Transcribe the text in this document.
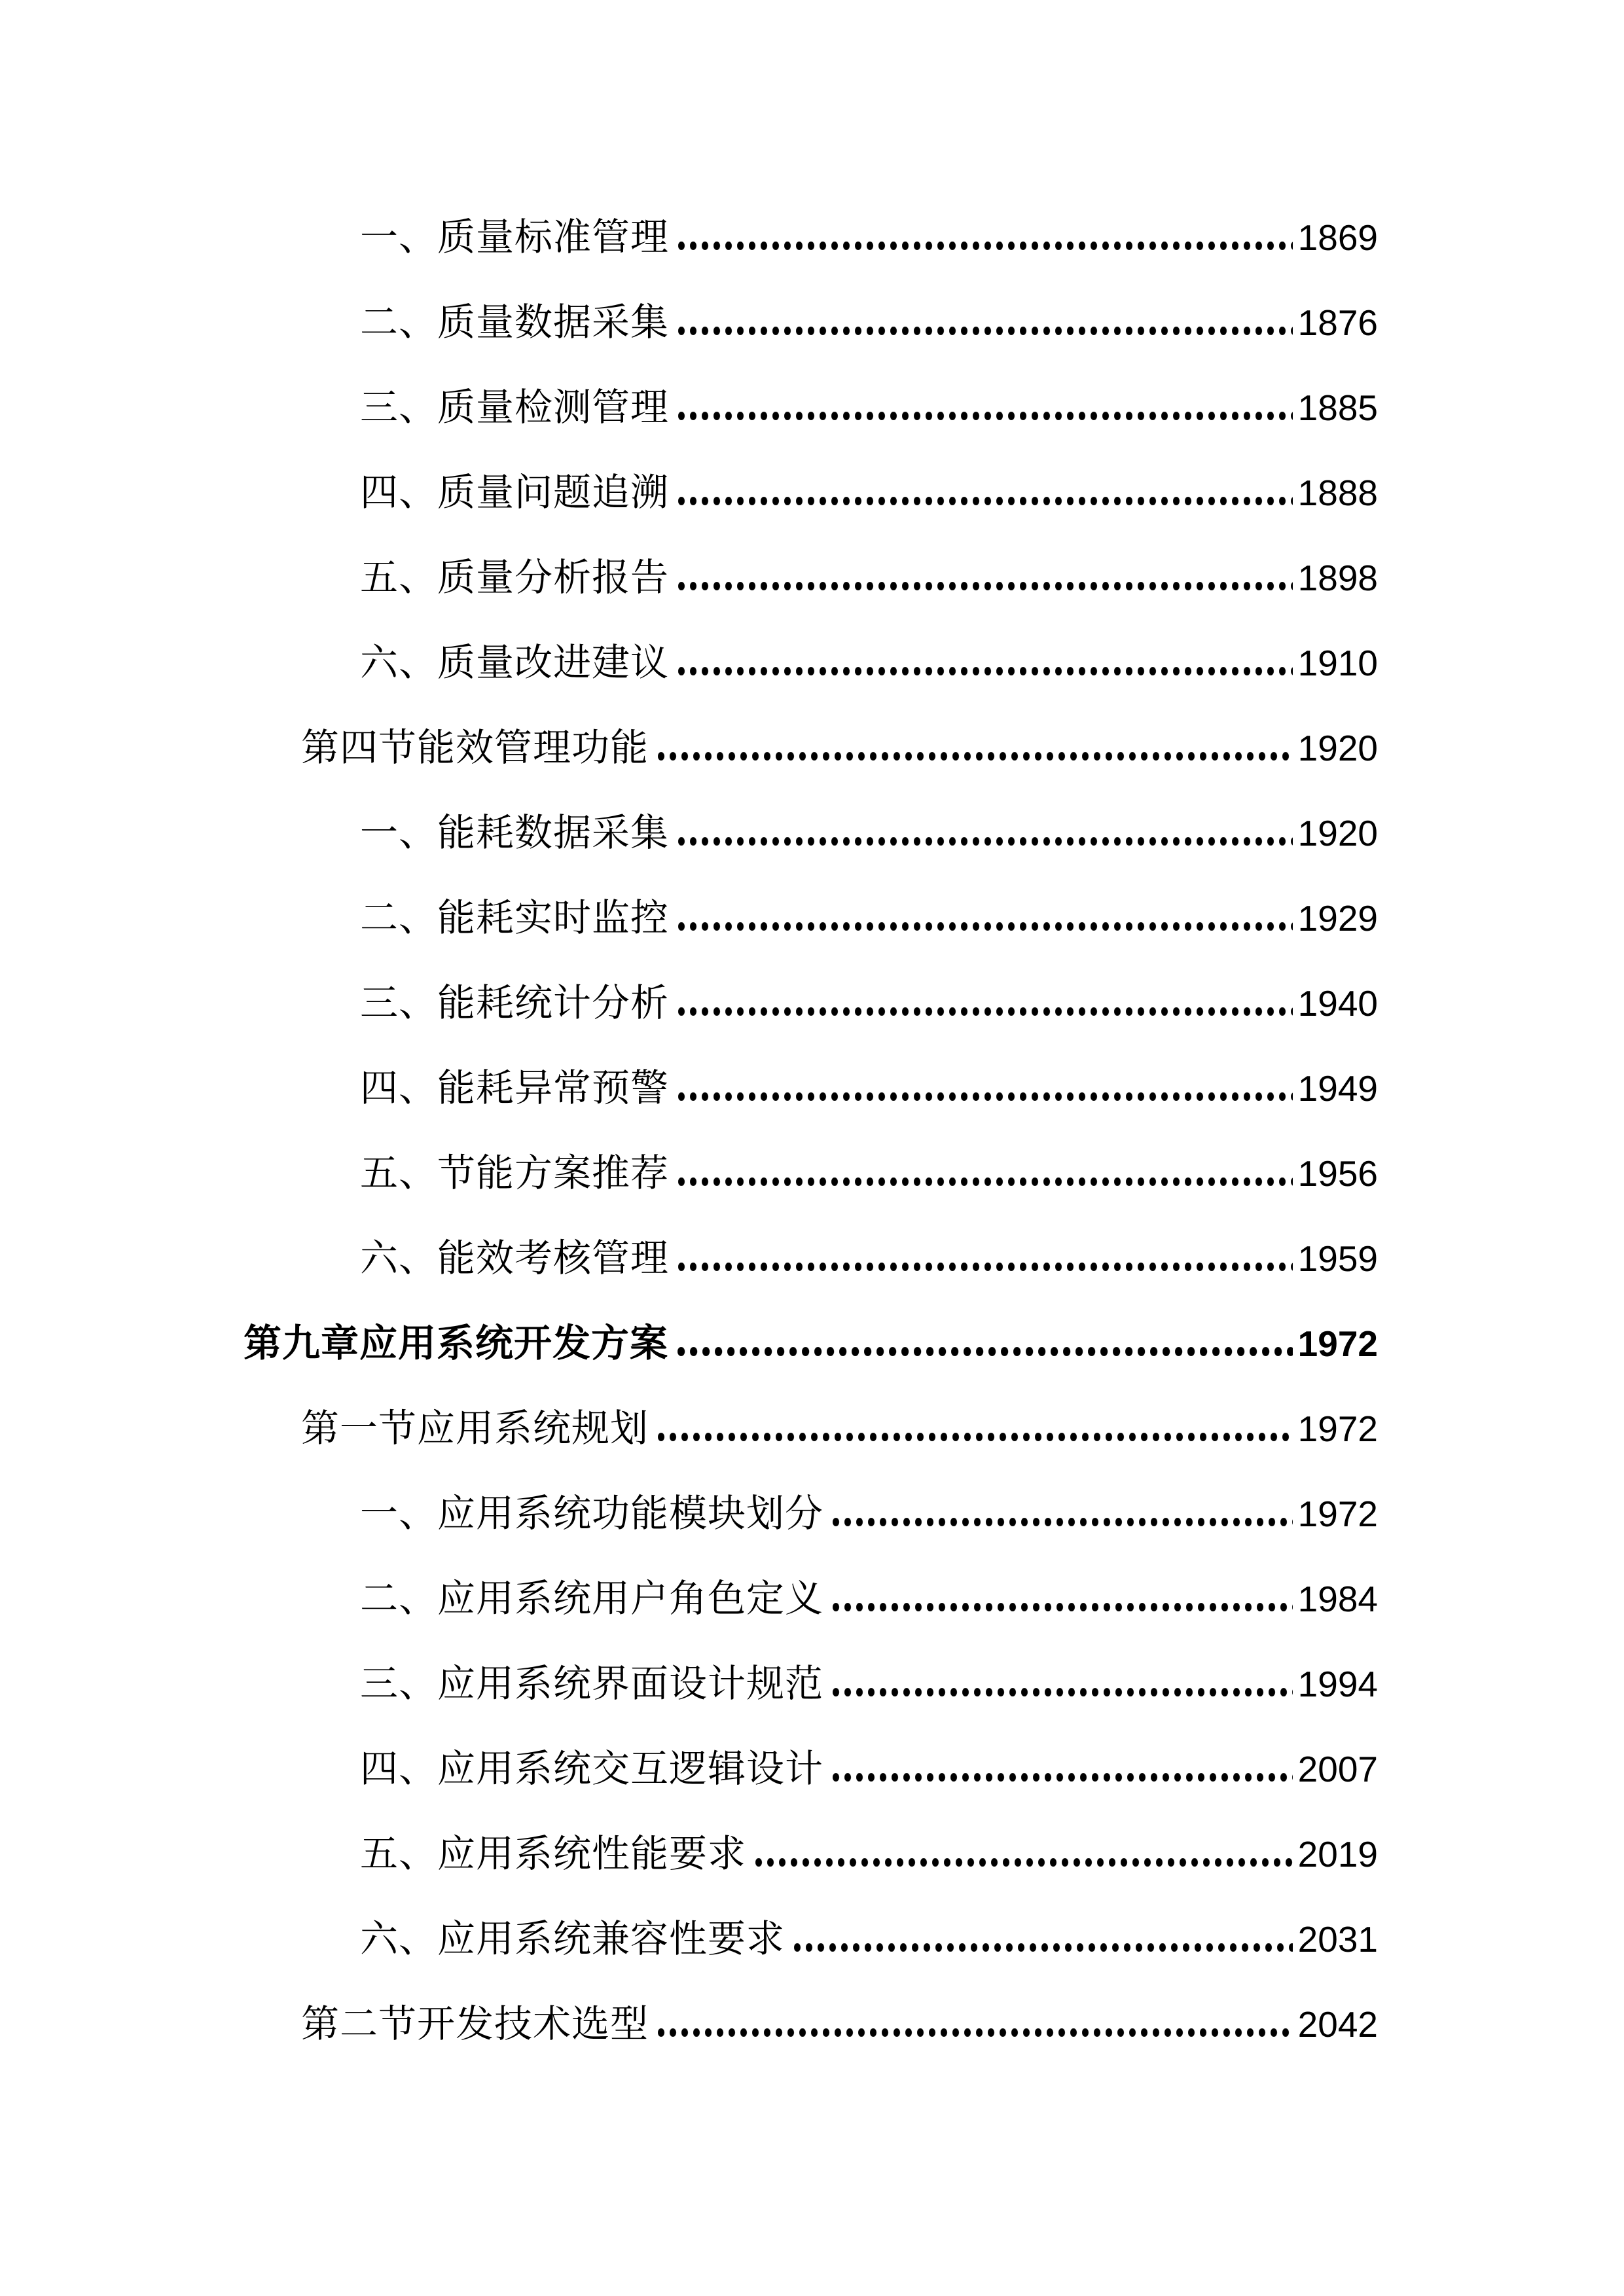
一、质量标准管理	1869
二、质量数据采集	1876
三、质量检测管理	1885
四、质量问题追溯	1888
五、质量分析报告	1898
六、质量改进建议	1910
第四节能效管理功能	1920
一、能耗数据采集	1920
二、能耗实时监控	1929
三、能耗统计分析	1940
四、能耗异常预警	1949
五、节能方案推荐	1956
六、能效考核管理	1959
第九章应用系统开发方案	1972
第一节应用系统规划	1972
一、应用系统功能模块划分	1972
二、应用系统用户角色定义	1984
三、应用系统界面设计规范	1994
四、应用系统交互逻辑设计	2007
五、应用系统性能要求	2019
六、应用系统兼容性要求	2031
第二节开发技术选型	2042
